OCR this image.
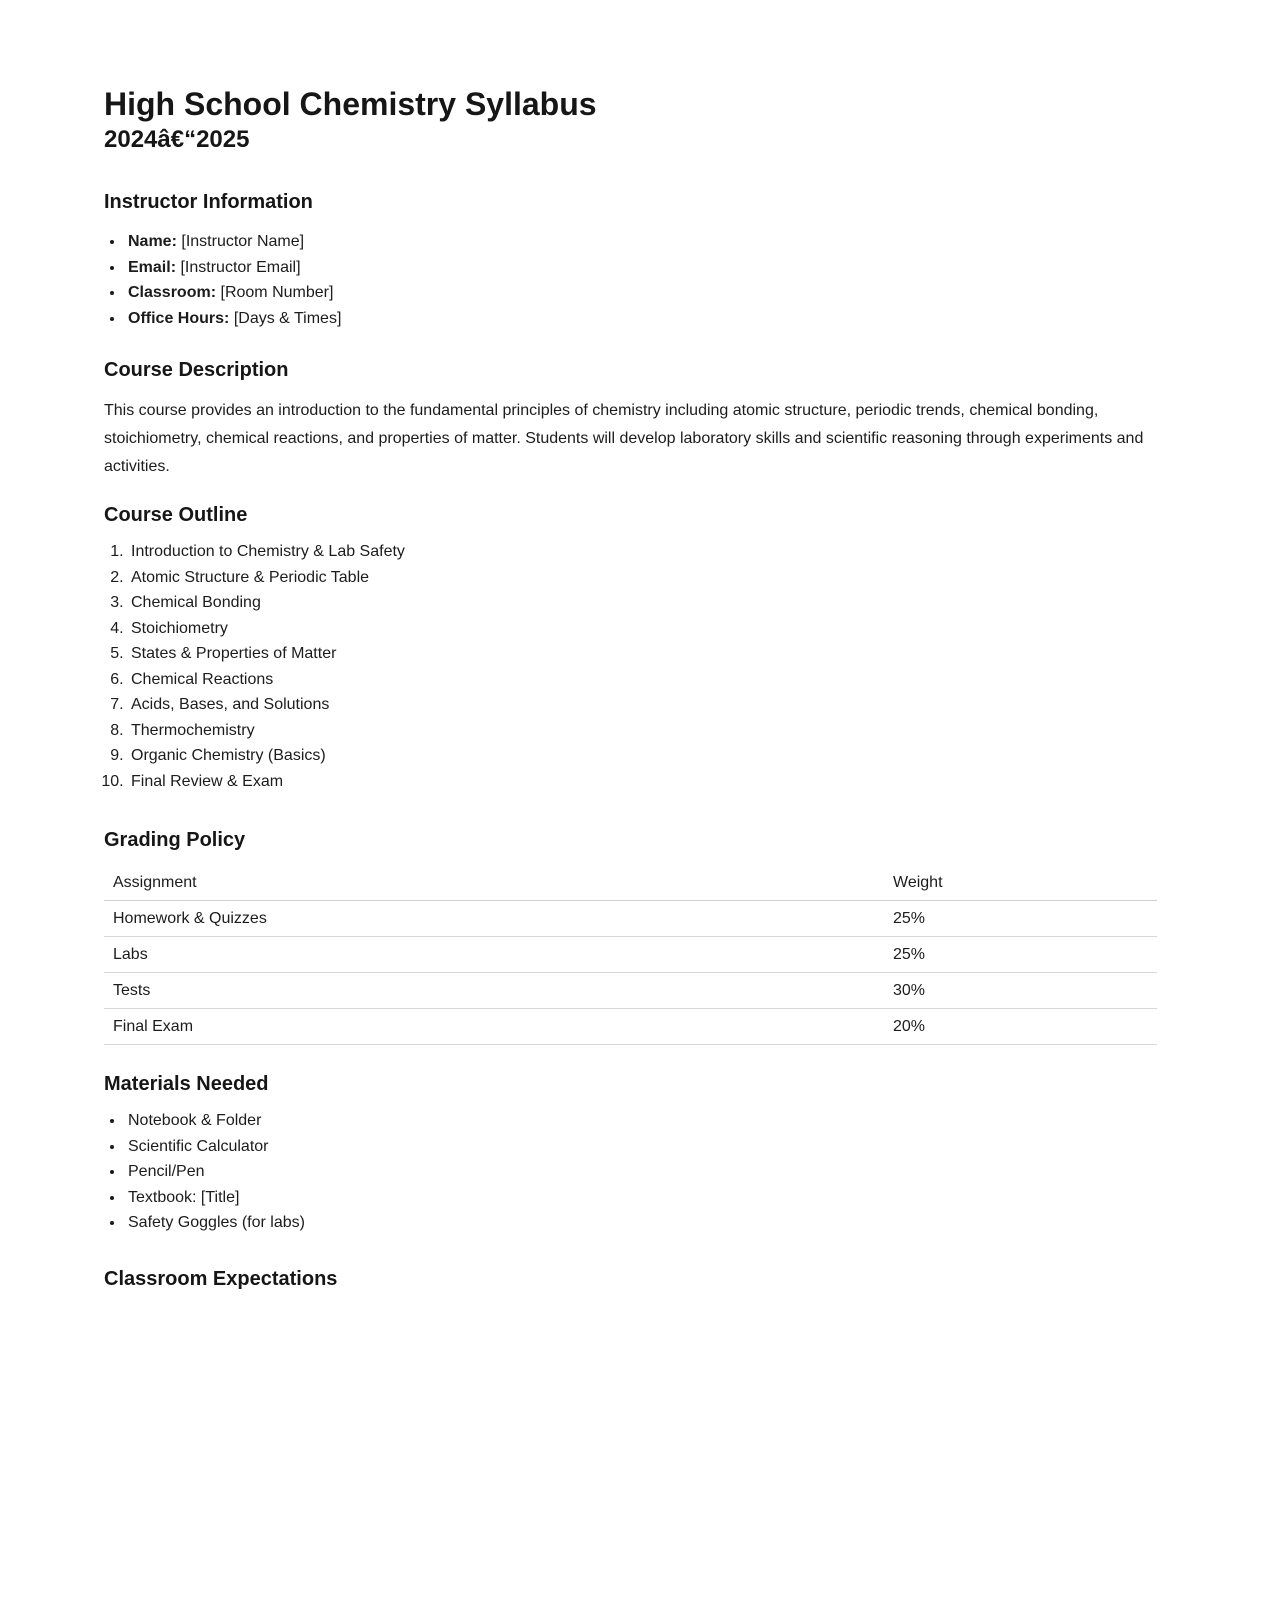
High School Chemistry Syllabus
2024â€“2025
Instructor Information
• Name: [Instructor Name]
• Email: [Instructor Email]
• Classroom: [Room Number]
• Office Hours: [Days & Times]
Course Description

This course provides an introduction to the fundamental principles of chemistry including atomic structure, periodic trends, chemical bonding, stoichiometry, chemical reactions, and properties of matter. Students will develop laboratory skills and scientific reasoning through experiments and activities.

Course Outline
1. Introduction to Chemistry & Lab Safety
2. Atomic Structure & Periodic Table
3. Chemical Bonding
4. Stoichiometry
5. States & Properties of Matter
6. Chemical Reactions
7. Acids, Bases, and Solutions
8. Thermochemistry
9. Organic Chemistry (Basics)
10. Final Review & Exam
Grading Policy
Assignment	Weight
Homework & Quizzes	25%
Labs	25%
Tests	30%
Final Exam	20%
Materials Needed
• Notebook & Folder
• Scientific Calculator
• Pencil/Pen
• Textbook: [Title]
• Safety Goggles (for labs)
Classroom Expectations
